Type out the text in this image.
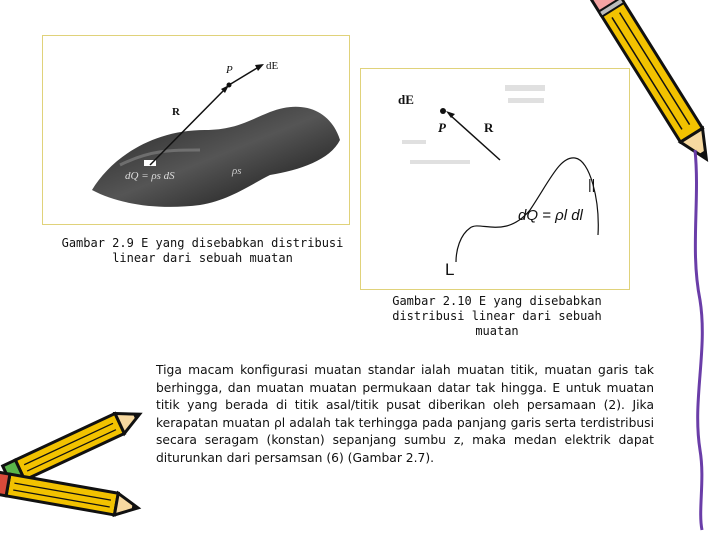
P	dE
R
dQ = ρs dS	ρs
Gambar 2.9 E yang disebabkan distribusi linear dari sebuah muatan
dE
P	R
||
dQ = ρl dl
L
Gambar 2.10 E yang disebabkan distribusi linear dari sebuah muatan
Tiga macam konfigurasi muatan standar ialah muatan titik, muatan garis tak berhingga, dan muatan muatan permukaan datar tak hingga. E untuk muatan titik yang berada di titik asal/titik pusat diberikan oleh persamaan (2). Jika kerapatan muatan ρl adalah tak terhingga pada panjang garis serta terdistribusi secara seragam (konstan) sepanjang sumbu z, maka medan elektrik dapat diturunkan dari persamsan (6) (Gambar 2.7).
